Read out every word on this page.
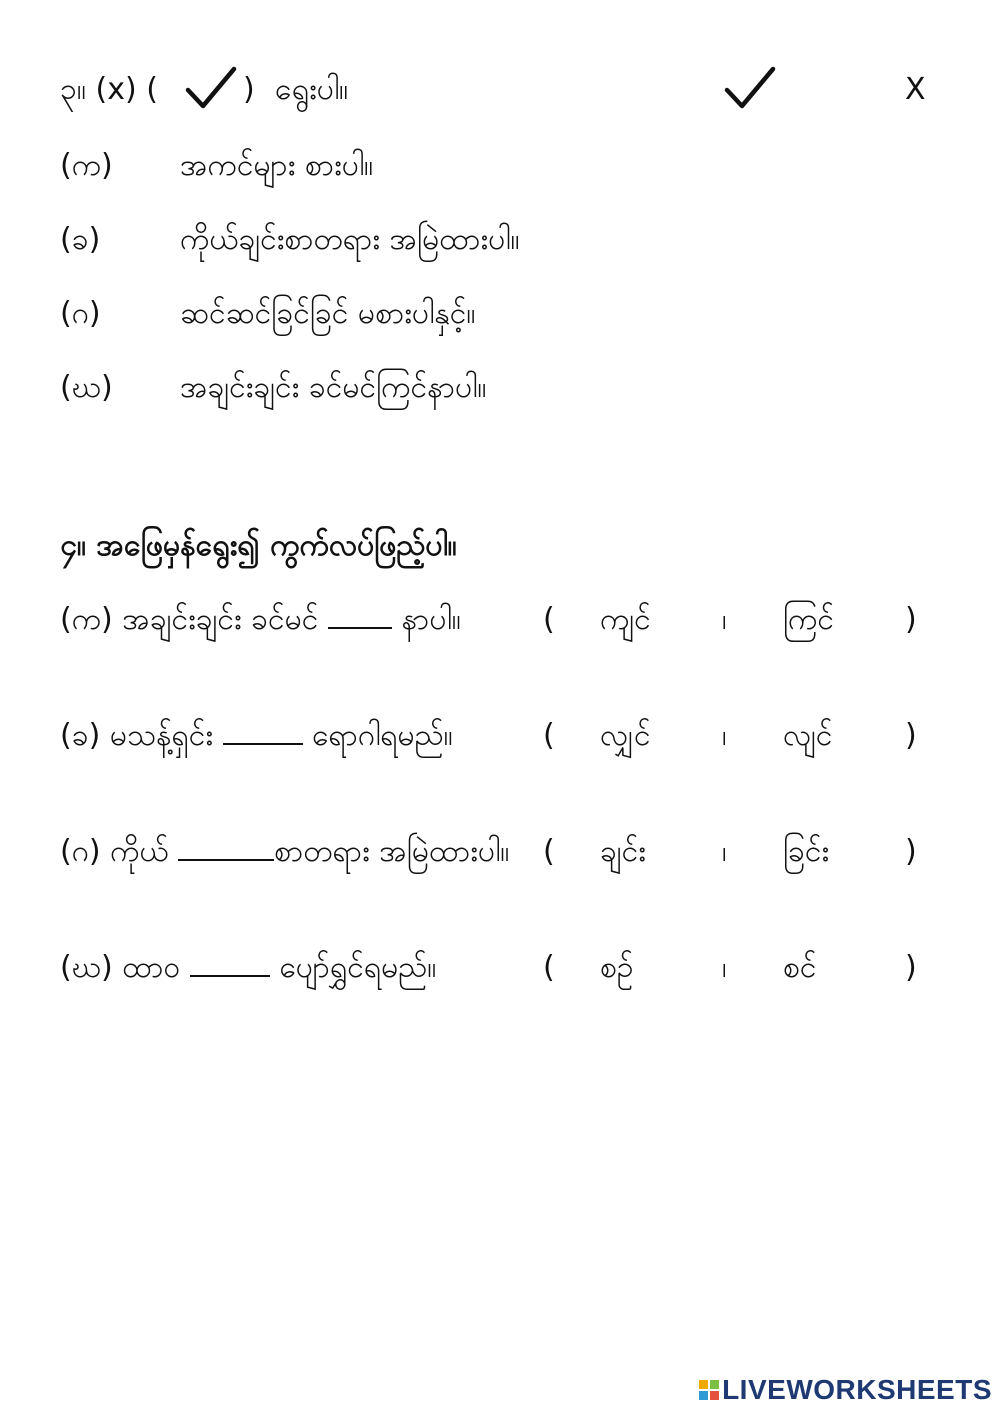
၃။ (x) (	) ရွေးပါ။	X
(က) အကင်များ စားပါ။
(ခ)	ကိုယ်ချင်းစာတရား အမြဲထားပါ။
(ဂ)	ဆင်ဆင်ခြင်ခြင် မစားပါနှင့်။
(ဃ) အချင်းချင်း ခင်မင်ကြင်နာပါ။
၄။ အဖြေမှန်ရွေး၍ ကွက်လပ်ဖြည့်ပါ။
(က) အချင်းချင်း ခင်မင်	နာပါ။	( ကျင် ၊ ကြင် )
(ခ) မသန့်ရှင်း	ရောဂါရမည်။	( လျှင် ၊ လျင် )
(ဂ) ကိုယ်	စာတရား အမြဲထားပါ။ ( ချင်း	၊ ခြင်း	)
(ဃ) ထာဝ	ပျော်ရွှင်ရမည်။	( စဉ်	၊ စင်	)
LIVEWORKSHEETS
